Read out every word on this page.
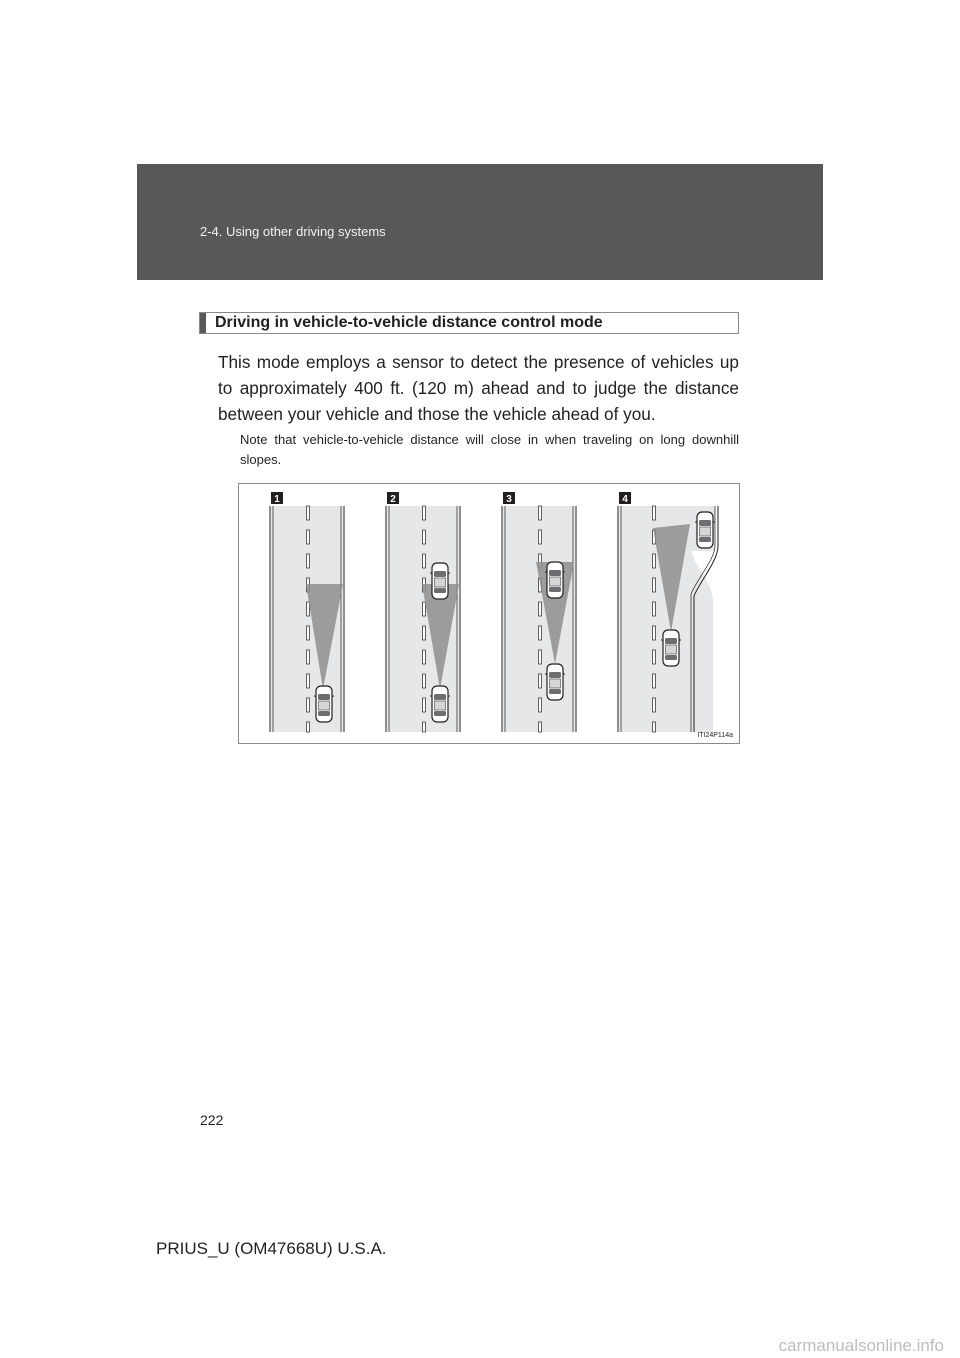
2-4. Using other driving systems
Driving in vehicle-to-vehicle distance control mode
This mode employs a sensor to detect the presence of vehicles up to approximately 400 ft. (120 m) ahead and to judge the distance between your vehicle and those the vehicle ahead of you.
Note that vehicle-to-vehicle distance will close in when traveling on long downhill slopes.
1	2	3	4
ITI24P114a
222
PRIUS_U (OM47668U) U.S.A.
carmanualsonline.info
